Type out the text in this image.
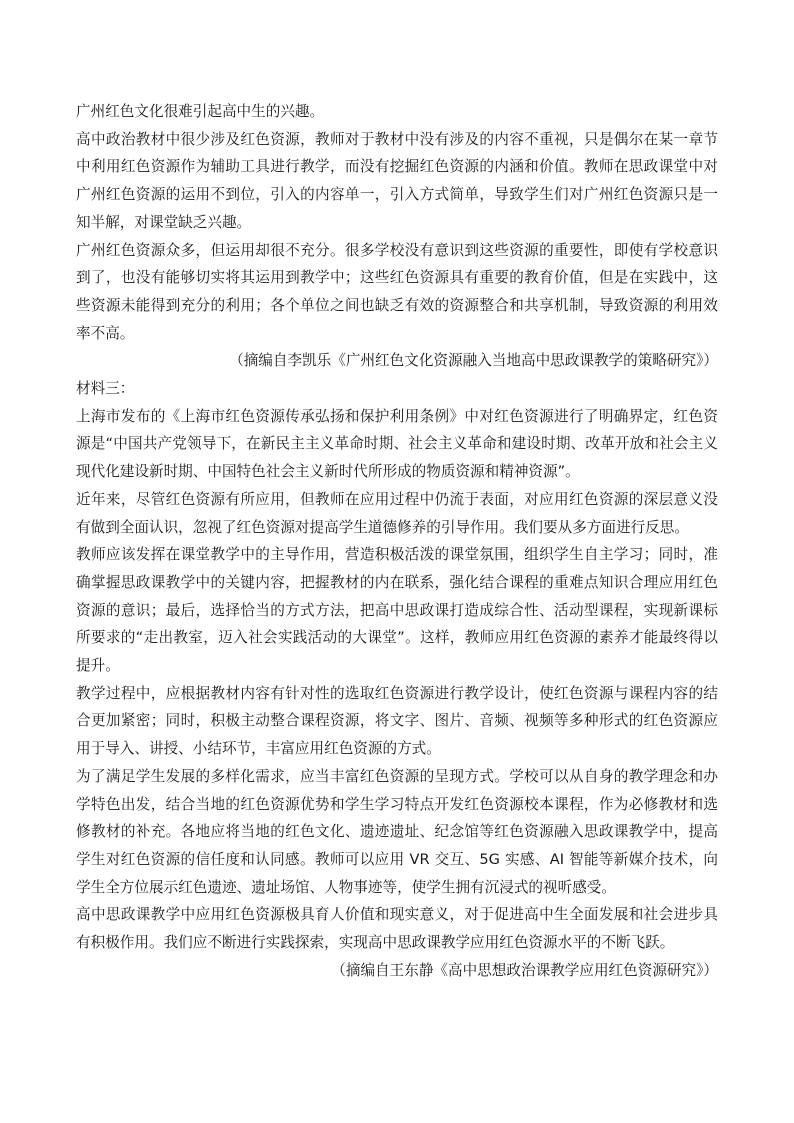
广州红色文化很难引起高中生的兴趣。

高中政治教材中很少涉及红色资源，教师对于教材中没有涉及的内容不重视，只是偶尔在某一章节中利用红色资源作为辅助工具进行教学，而没有挖掘红色资源的内涵和价值。教师在思政课堂中对广州红色资源的运用不到位，引入的内容单一，引入方式简单，导致学生们对广州红色资源只是一知半解，对课堂缺乏兴趣。

广州红色资源众多，但运用却很不充分。很多学校没有意识到这些资源的重要性，即使有学校意识到了，也没有能够切实将其运用到教学中；这些红色资源具有重要的教育价值，但是在实践中，这些资源未能得到充分的利用；各个单位之间也缺乏有效的资源整合和共享机制，导致资源的利用效率不高。

（摘编自李凯乐《广州红色文化资源融入当地高中思政课教学的策略研究》）

材料三：

上海市发布的《上海市红色资源传承弘扬和保护利用条例》中对红色资源进行了明确界定，红色资源是“中国共产党领导下，在新民主主义革命时期、社会主义革命和建设时期、改革开放和社会主义现代化建设新时期、中国特色社会主义新时代所形成的物质资源和精神资源”。

近年来，尽管红色资源有所应用，但教师在应用过程中仍流于表面，对应用红色资源的深层意义没有做到全面认识，忽视了红色资源对提高学生道德修养的引导作用。我们要从多方面进行反思。

教师应该发挥在课堂教学中的主导作用，营造积极活泼的课堂氛围，组织学生自主学习；同时，准确掌握思政课教学中的关键内容，把握教材的内在联系，强化结合课程的重难点知识合理应用红色资源的意识；最后，选择恰当的方式方法，把高中思政课打造成综合性、活动型课程，实现新课标所要求的“走出教室，迈入社会实践活动的大课堂”。这样，教师应用红色资源的素养才能最终得以提升。

教学过程中，应根据教材内容有针对性的选取红色资源进行教学设计，使红色资源与课程内容的结合更加紧密；同时，积极主动整合课程资源，将文字、图片、音频、视频等多种形式的红色资源应用于导入、讲授、小结环节，丰富应用红色资源的方式。

为了满足学生发展的多样化需求，应当丰富红色资源的呈现方式。学校可以从自身的教学理念和办学特色出发，结合当地的红色资源优势和学生学习特点开发红色资源校本课程，作为必修教材和选修教材的补充。各地应将当地的红色文化、遗迹遗址、纪念馆等红色资源融入思政课教学中，提高学生对红色资源的信任度和认同感。教师可以应用 VR 交互、5G 实感、AI 智能等新媒介技术，向学生全方位展示红色遗迹、遗址场馆、人物事迹等，使学生拥有沉浸式的视听感受。

高中思政课教学中应用红色资源极具育人价值和现实意义，对于促进高中生全面发展和社会进步具有积极作用。我们应不断进行实践探索，实现高中思政课教学应用红色资源水平的不断飞跃。

（摘编自王东静《高中思想政治课教学应用红色资源研究》）
